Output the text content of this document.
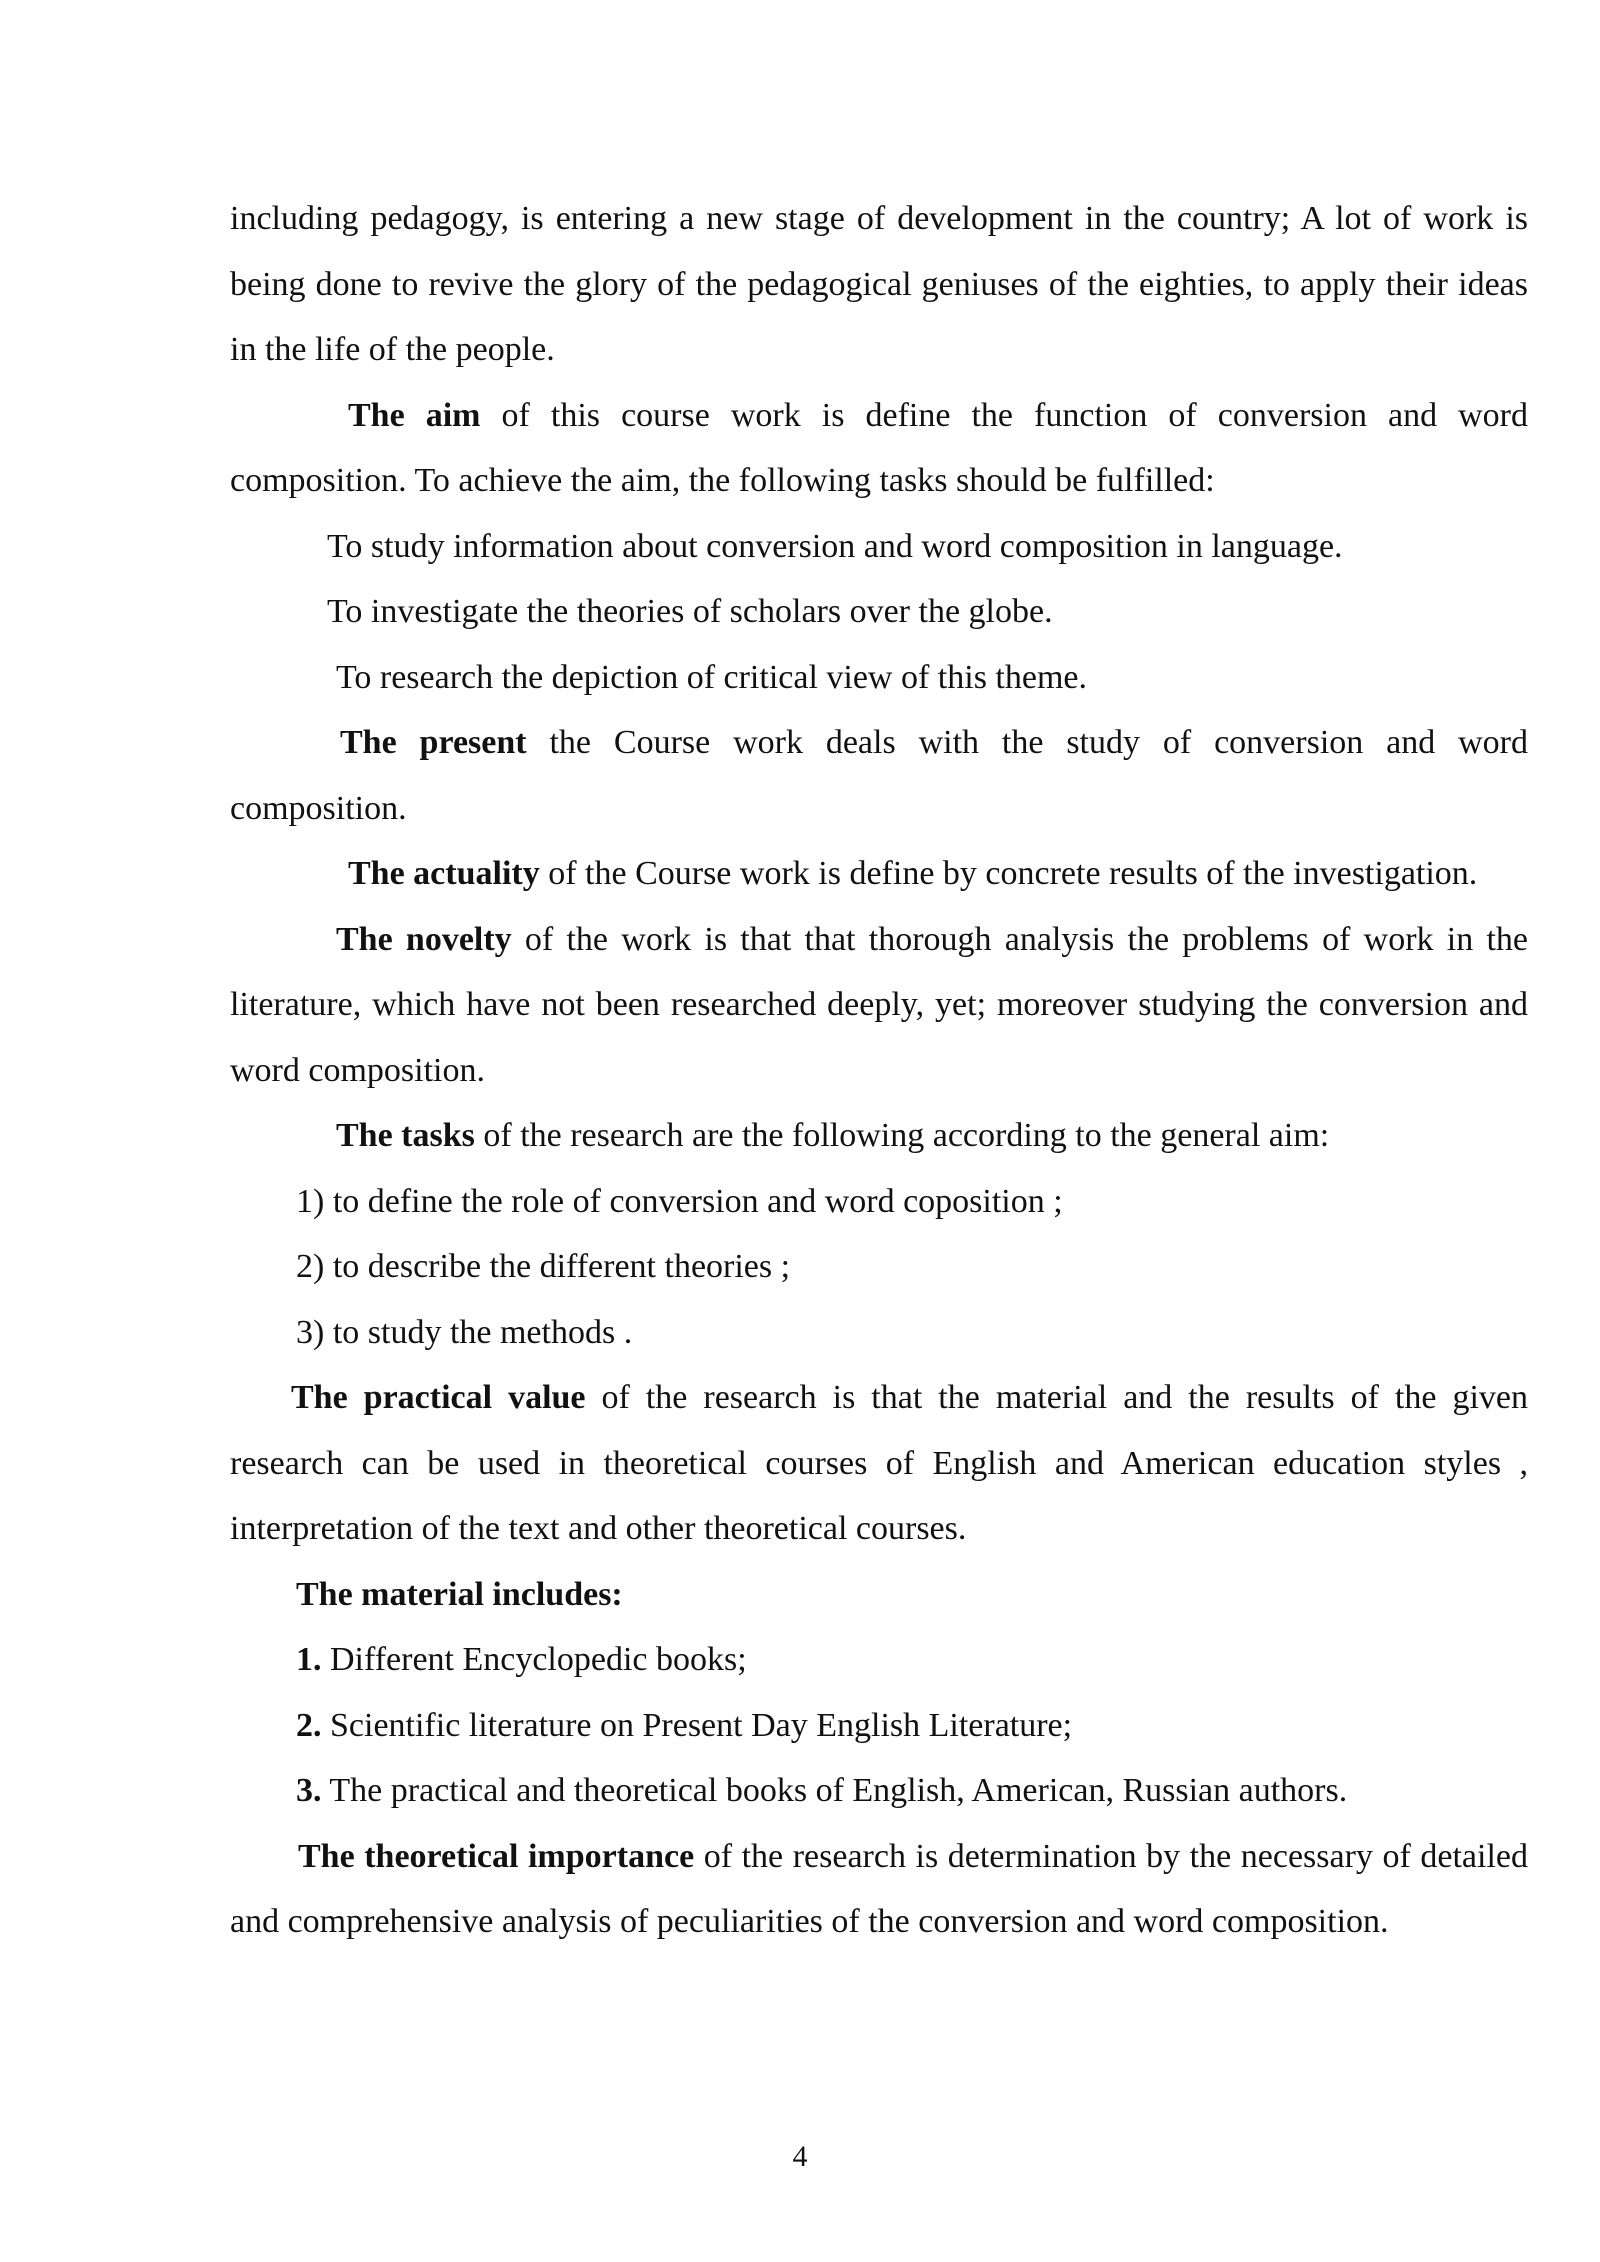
including pedagogy, is entering a new stage of development in the country; A lot of work is being done to revive the glory of the pedagogical geniuses of the eighties, to apply their ideas in the life of the people.

The aim of this course work is define the function of conversion and word composition. To achieve the aim, the following tasks should be fulfilled:

To study information about conversion and word composition in language.

To investigate the theories of scholars over the globe.

To research the depiction of critical view of this theme.

The present the Course work deals with the study of conversion and word composition.

The actuality of the Course work is define by concrete results of the investigation.

The novelty of the work is that that thorough analysis the problems of work in the literature, which have not been researched deeply, yet; moreover studying the conversion and word composition.

The tasks of the research are the following according to the general aim:

1) to define the role of conversion and word coposition ;

2) to describe the different theories ;

3) to study the methods .

The practical value of the research is that the material and the results of the given research can be used in theoretical courses of English and American education styles , interpretation of the text and other theoretical courses.

The material includes:

1. Different Encyclopedic books;

2. Scientific literature on Present Day English Literature;

3. The practical and theoretical books of English, American, Russian authors.

The theoretical importance of the research is determination by the necessary of detailed and comprehensive analysis of peculiarities of the conversion and word composition.

4
